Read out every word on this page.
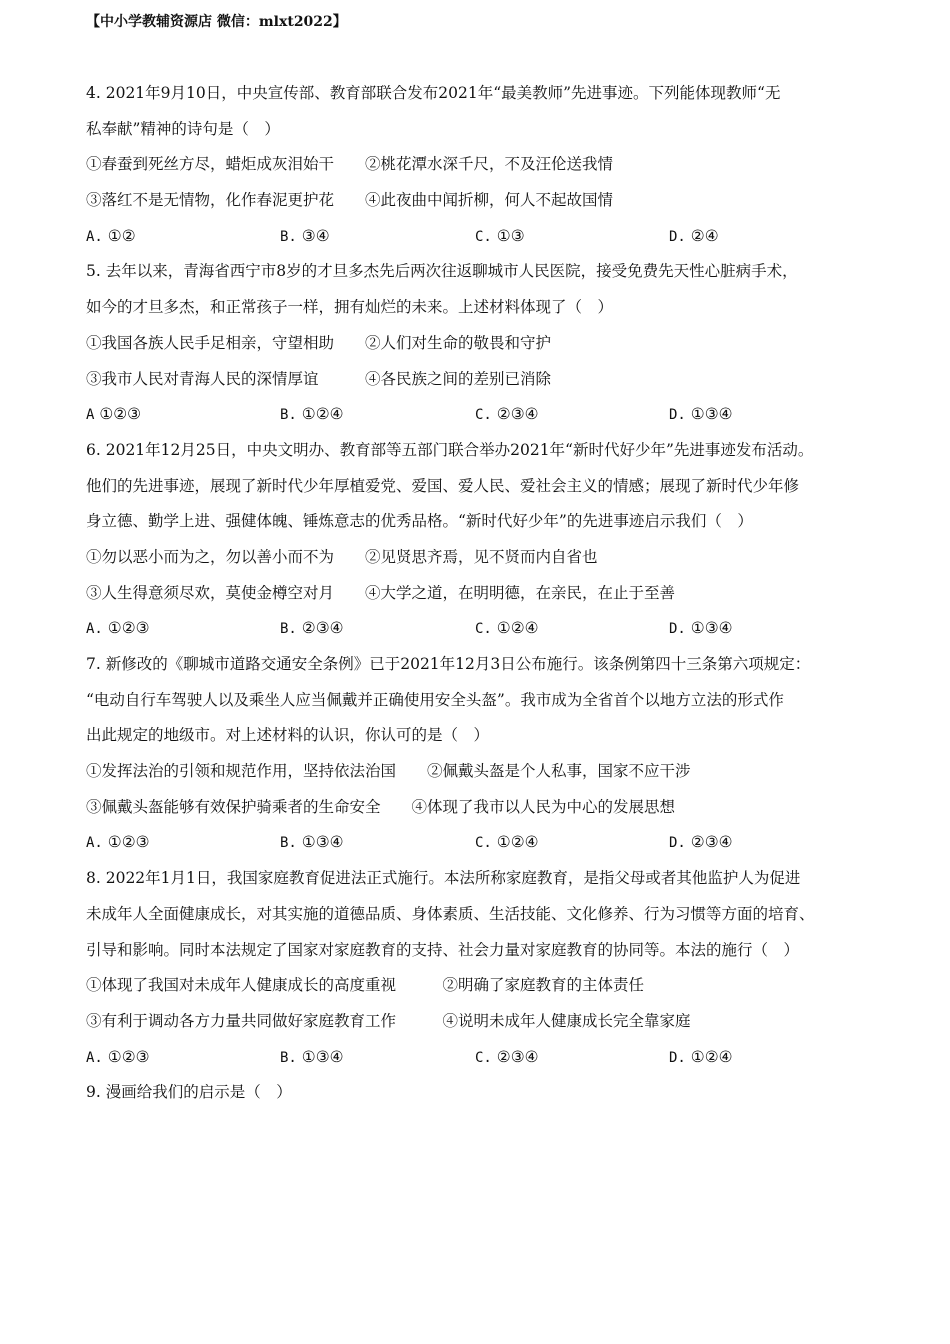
【中小学教辅资源店 微信：mlxt2022】
4. 2021年9月10日，中央宣传部、教育部联合发布2021年“最美教师”先进事迹。下列能体现教师“无
私奉献”精神的诗句是（　）
①春蚕到死丝方尽，蜡炬成灰泪始干　　②桃花潭水深千尺，不及汪伦送我情
③落红不是无情物，化作春泥更护花　　④此夜曲中闻折柳，何人不起故国情
A. ①②	B. ③④	C. ①③	D. ②④
5. 去年以来，青海省西宁市8岁的才旦多杰先后两次往返聊城市人民医院，接受免费先天性心脏病手术，
如今的才旦多杰，和正常孩子一样，拥有灿烂的未来。上述材料体现了（　）
①我国各族人民手足相亲，守望相助　　②人们对生命的敬畏和守护
③我市人民对青海人民的深情厚谊　　　④各民族之间的差别已消除
A ①②③	B. ①②④	C. ②③④	D. ①③④
6. 2021年12月25日，中央文明办、教育部等五部门联合举办2021年“新时代好少年”先进事迹发布活动。
他们的先进事迹，展现了新时代少年厚植爱党、爱国、爱人民、爱社会主义的情感；展现了新时代少年修
身立德、勤学上进、强健体魄、锤炼意志的优秀品格。“新时代好少年”的先进事迹启示我们（　）
①勿以恶小而为之，勿以善小而不为　　②见贤思齐焉，见不贤而内自省也
③人生得意须尽欢，莫使金樽空对月　　④大学之道，在明明德，在亲民，在止于至善
A. ①②③	B. ②③④	C. ①②④	D. ①③④
7. 新修改的《聊城市道路交通安全条例》已于2021年12月3日公布施行。该条例第四十三条第六项规定：
“电动自行车驾驶人以及乘坐人应当佩戴并正确使用安全头盔”。我市成为全省首个以地方立法的形式作
出此规定的地级市。对上述材料的认识，你认可的是（　）
①发挥法治的引领和规范作用，坚持依法治国　　②佩戴头盔是个人私事，国家不应干涉
③佩戴头盔能够有效保护骑乘者的生命安全　　④体现了我市以人民为中心的发展思想
A. ①②③	B. ①③④	C. ①②④	D. ②③④
8. 2022年1月1日，我国家庭教育促进法正式施行。本法所称家庭教育，是指父母或者其他监护人为促进
未成年人全面健康成长，对其实施的道德品质、身体素质、生活技能、文化修养、行为习惯等方面的培育、
引导和影响。同时本法规定了国家对家庭教育的支持、社会力量对家庭教育的协同等。本法的施行（　）
①体现了我国对未成年人健康成长的高度重视　　　②明确了家庭教育的主体责任
③有利于调动各方力量共同做好家庭教育工作　　　④说明未成年人健康成长完全靠家庭
A. ①②③	B. ①③④	C. ②③④	D. ①②④
9. 漫画给我们的启示是（　）
